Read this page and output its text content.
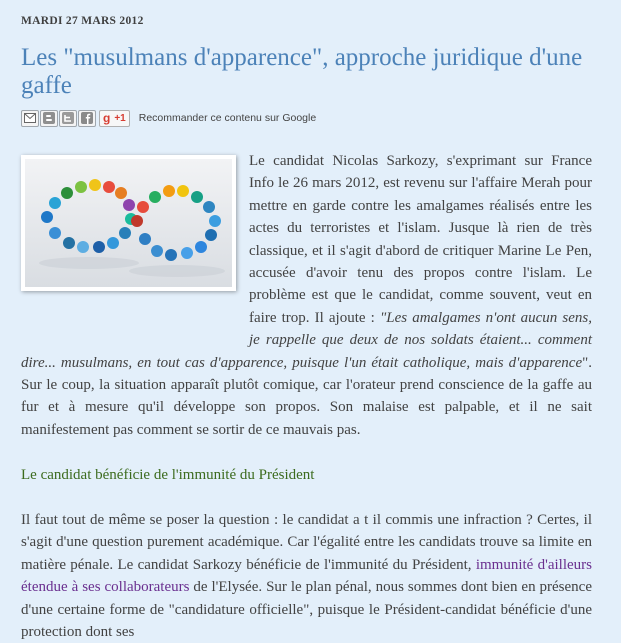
MARDI 27 MARS 2012
Les "musulmans d'apparence", approche juridique d'une gaffe
g +1 Recommander ce contenu sur Google

Le candidat Nicolas Sarkozy, s'exprimant sur France Info le 26 mars 2012, est revenu sur l'affaire Merah pour mettre en garde contre les amalgames réalisés entre les actes du terroristes et l'islam. Jusque là rien de très classique, et il s'agit d'abord de critiquer Marine Le Pen, accusée d'avoir tenu des propos contre l'islam. Le problème est que le candidat, comme souvent, veut en faire trop. Il ajoute : "Les amalgames n'ont aucun sens, je rappelle que deux de nos soldats étaient... comment dire... musulmans, en tout cas d'apparence, puisque l'un était catholique, mais d'apparence". Sur le coup, la situation apparaît plutôt comique, car l'orateur prend conscience de la gaffe au fur et à mesure qu'il développe son propos. Son malaise est palpable, et il ne sait manifestement pas comment se sortir de ce mauvais pas.

Le candidat bénéficie de l'immunité du Président

Il faut tout de même se poser la question : le candidat a t il commis une infraction ? Certes, il s'agit d'une question purement académique. Car l'égalité entre les candidats trouve sa limite en matière pénale. Le candidat Sarkozy bénéficie de l'immunité du Président, immunité d'ailleurs étendue à ses collaborateurs de l'Elysée. Sur le plan pénal, nous sommes dont bien en présence d'une certaine forme de "candidature officielle", puisque le Président-candidat bénéficie d'une protection dont ses
